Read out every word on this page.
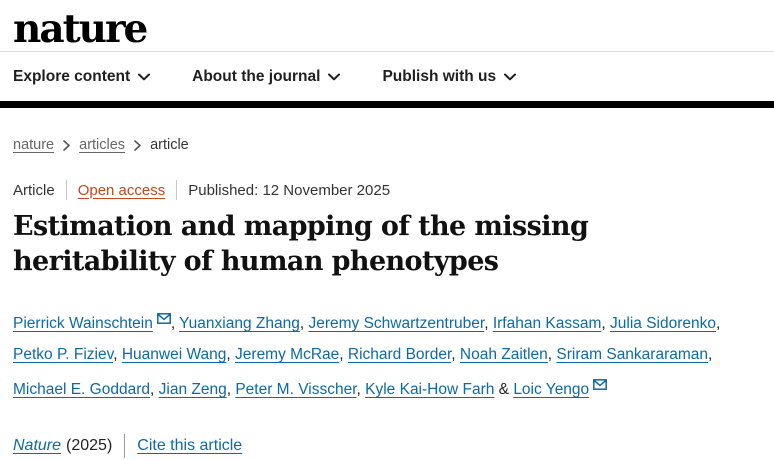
nature
Explore content	About the journal	Publish with us
nature articles article
Article Open access Published: 12 November 2025
Estimation and mapping of the missing heritability of human phenotypes
Pierrick Wainschtein , Yuanxiang Zhang, Jeremy Schwartzentruber, Irfahan Kassam, Julia Sidorenko, Petko P. Fiziev, Huanwei Wang, Jeremy McRae, Richard Border, Noah Zaitlen, Sriram Sankararaman, Michael E. Goddard, Jian Zeng, Peter M. Visscher, Kyle Kai-How Farh & Loic Yengo
Nature (2025) Cite this article
